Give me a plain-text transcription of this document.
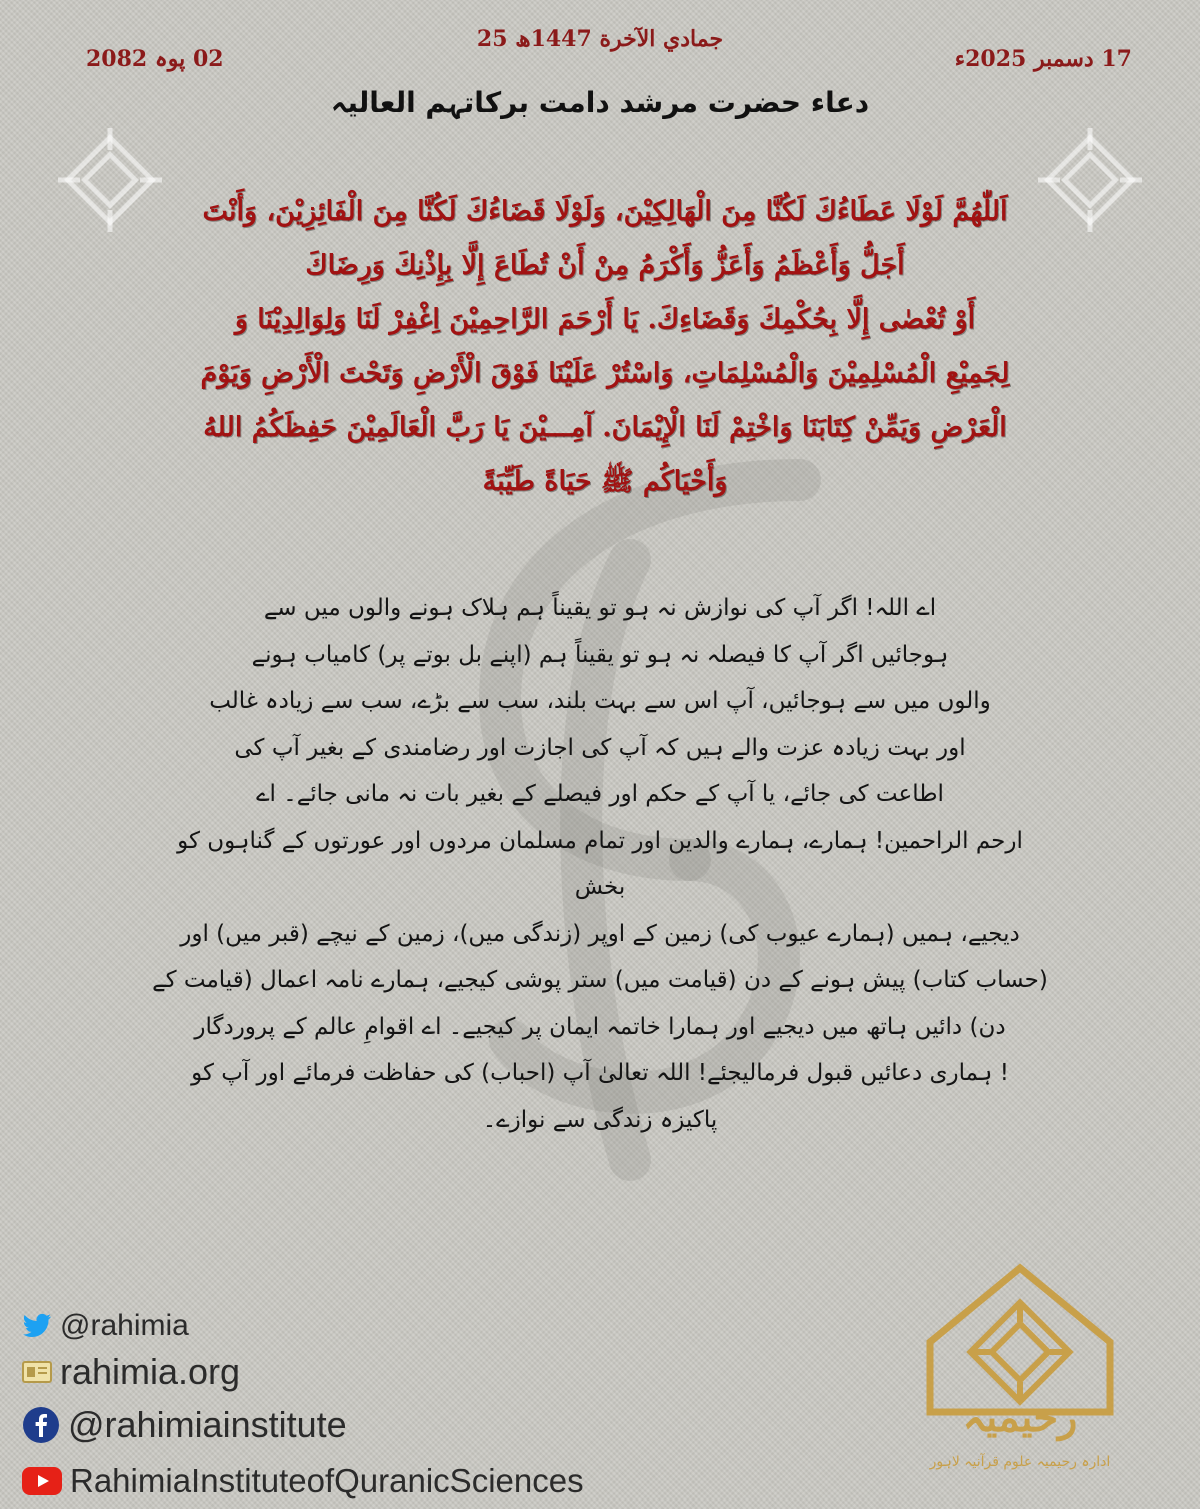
25 جمادي الآخرة 1447ھ
17 دسمبر 2025ء
02 پوہ 2082
دعاء حضرت مرشد دامت برکاتہم العالیہ
اَللّٰھُمَّ لَوْلَا عَطَاءُكَ لَكُنَّا مِنَ الْهَالِكِيْنَ، وَلَوْلَا قَضَاءُكَ لَكُنَّا مِنَ الْفَائِزِيْنَ، وَأَنْتَ
أَجَلُّ وَأَعْظَمُ وَأَعَزُّ وَأَكْرَمُ مِنْ أَنْ تُطَاعَ إِلَّا بِإِذْنِكَ وَرِضَاكَ
أَوْ تُعْصٰى إِلَّا بِحُكْمِكَ وَقَضَاءِكَ. يَا أَرْحَمَ الرَّاحِمِيْنَ اِغْفِرْ لَنَا وَلِوَالِدِيْنَا وَ
لِجَمِيْعِ الْمُسْلِمِيْنَ وَالْمُسْلِمَاتِ، وَاسْتُرْ عَلَيْنَا فَوْقَ الْأَرْضِ وَتَحْتَ الْأَرْضِ وَيَوْمَ
الْعَرْضِ وَيَمِّنْ كِتَابَنَا وَاخْتِمْ لَنَا الْإِيْمَانَ. آمِـــيْنَ يَا رَبَّ الْعَالَمِيْنَ حَفِظَكُمُ اللهُ
وَأَحْيَاكُم ﷺ حَيَاةً طَيِّبَةً
اے اللہ! اگر آپ کی نوازش نہ ہو تو یقیناً ہم ہلاک ہونے والوں میں سے
ہوجائیں اگر آپ کا فیصلہ نہ ہو تو یقیناً ہم (اپنے بل بوتے پر) کامیاب ہونے
والوں میں سے ہوجائیں، آپ اس سے بہت بلند، سب سے بڑے، سب سے زیادہ غالب
اور بہت زیادہ عزت والے ہیں کہ آپ کی اجازت اور رضامندی کے بغیر آپ کی
اطاعت کی جائے، یا آپ کے حکم اور فیصلے کے بغیر بات نہ مانی جائے۔ اے
ارحم الراحمین! ہمارے، ہمارے والدین اور تمام مسلمان مردوں اور عورتوں کے گناہوں کو بخش
دیجیے، ہمیں (ہمارے عیوب کی) زمین کے اوپر (زندگی میں)، زمین کے نیچے (قبر میں) اور
(حساب کتاب) پیش ہونے کے دن (قیامت میں) ستر پوشی کیجیے، ہمارے نامہ اعمال (قیامت کے
دن) دائیں ہاتھ میں دیجیے اور ہمارا خاتمہ ایمان پر کیجیے۔ اے اقوامِ عالم کے پروردگار
! ہماری دعائیں قبول فرمالیجئے! اللہ تعالیٰ آپ (احباب) کی حفاظت فرمائے اور آپ کو
پاکیزہ زندگی سے نوازے۔
@rahimia
rahimia.org
@rahimiainstitute
RahimiaInstituteofQuranicSciences
رحیمیہ
ادارہ رحیمیہ علوم قرآنیہ لاہور
